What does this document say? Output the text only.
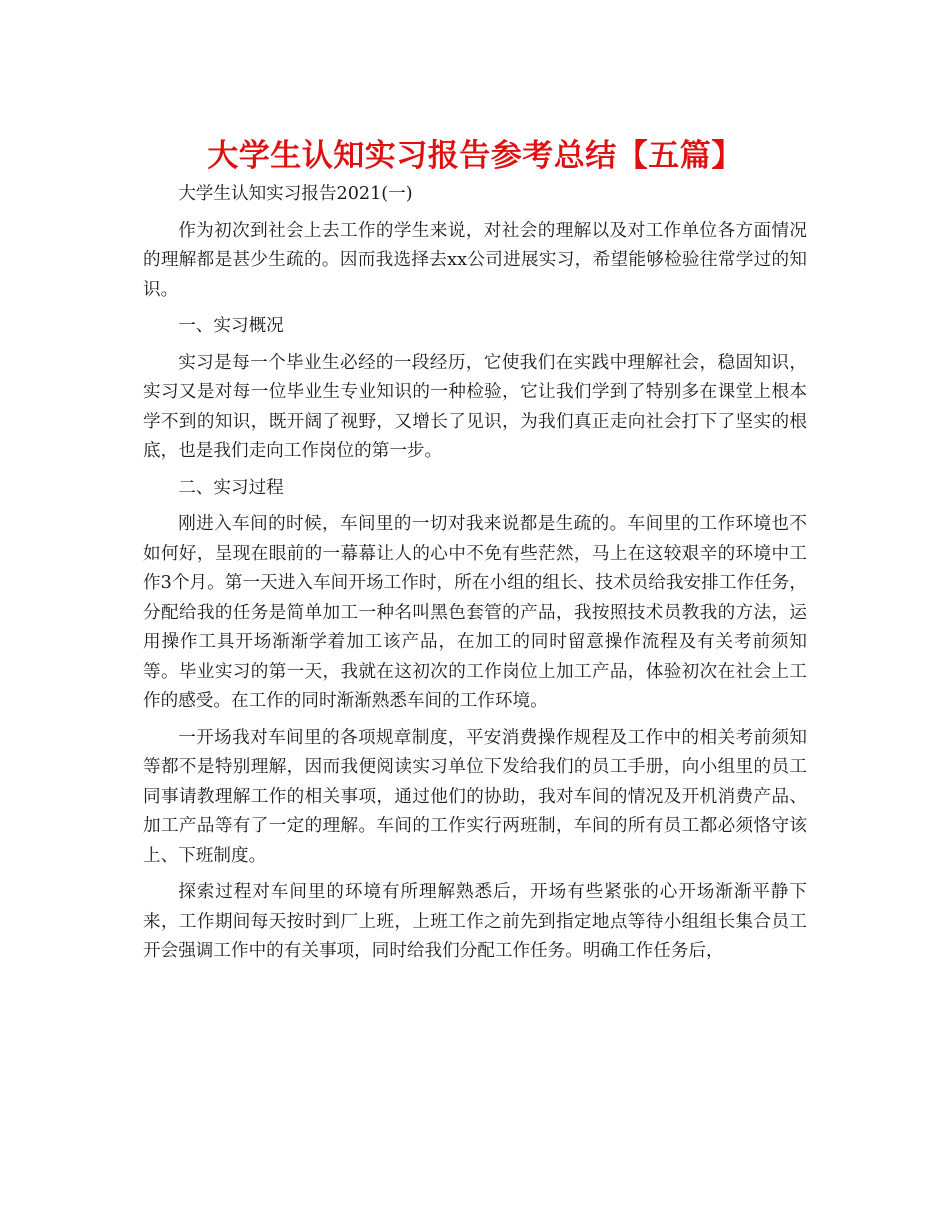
大学生认知实习报告参考总结【五篇】

大学生认知实习报告2021(一)

作为初次到社会上去工作的学生来说，对社会的理解以及对工作单位各方面情况的理解都是甚少生疏的。因而我选择去xx公司进展实习，希望能够检验往常学过的知识。

一、实习概况

实习是每一个毕业生必经的一段经历，它使我们在实践中理解社会，稳固知识，实习又是对每一位毕业生专业知识的一种检验，它让我们学到了特别多在课堂上根本学不到的知识，既开阔了视野，又增长了见识，为我们真正走向社会打下了坚实的根底，也是我们走向工作岗位的第一步。

二、实习过程

刚进入车间的时候，车间里的一切对我来说都是生疏的。车间里的工作环境也不如何好，呈现在眼前的一幕幕让人的心中不免有些茫然，马上在这较艰辛的环境中工作3个月。第一天进入车间开场工作时，所在小组的组长、技术员给我安排工作任务，分配给我的任务是简单加工一种名叫黑色套管的产品，我按照技术员教我的方法，运用操作工具开场渐渐学着加工该产品，在加工的同时留意操作流程及有关考前须知等。毕业实习的第一天，我就在这初次的工作岗位上加工产品，体验初次在社会上工作的感受。在工作的同时渐渐熟悉车间的工作环境。

一开场我对车间里的各项规章制度，平安消费操作规程及工作中的相关考前须知等都不是特别理解，因而我便阅读实习单位下发给我们的员工手册，向小组里的员工同事请教理解工作的相关事项，通过他们的协助，我对车间的情况及开机消费产品、加工产品等有了一定的理解。车间的工作实行两班制，车间的所有员工都必须恪守该上、下班制度。

探索过程对车间里的环境有所理解熟悉后，开场有些紧张的心开场渐渐平静下来，工作期间每天按时到厂上班，上班工作之前先到指定地点等待小组组长集合员工开会强调工作中的有关事项，同时给我们分配工作任务。明确工作任务后，
